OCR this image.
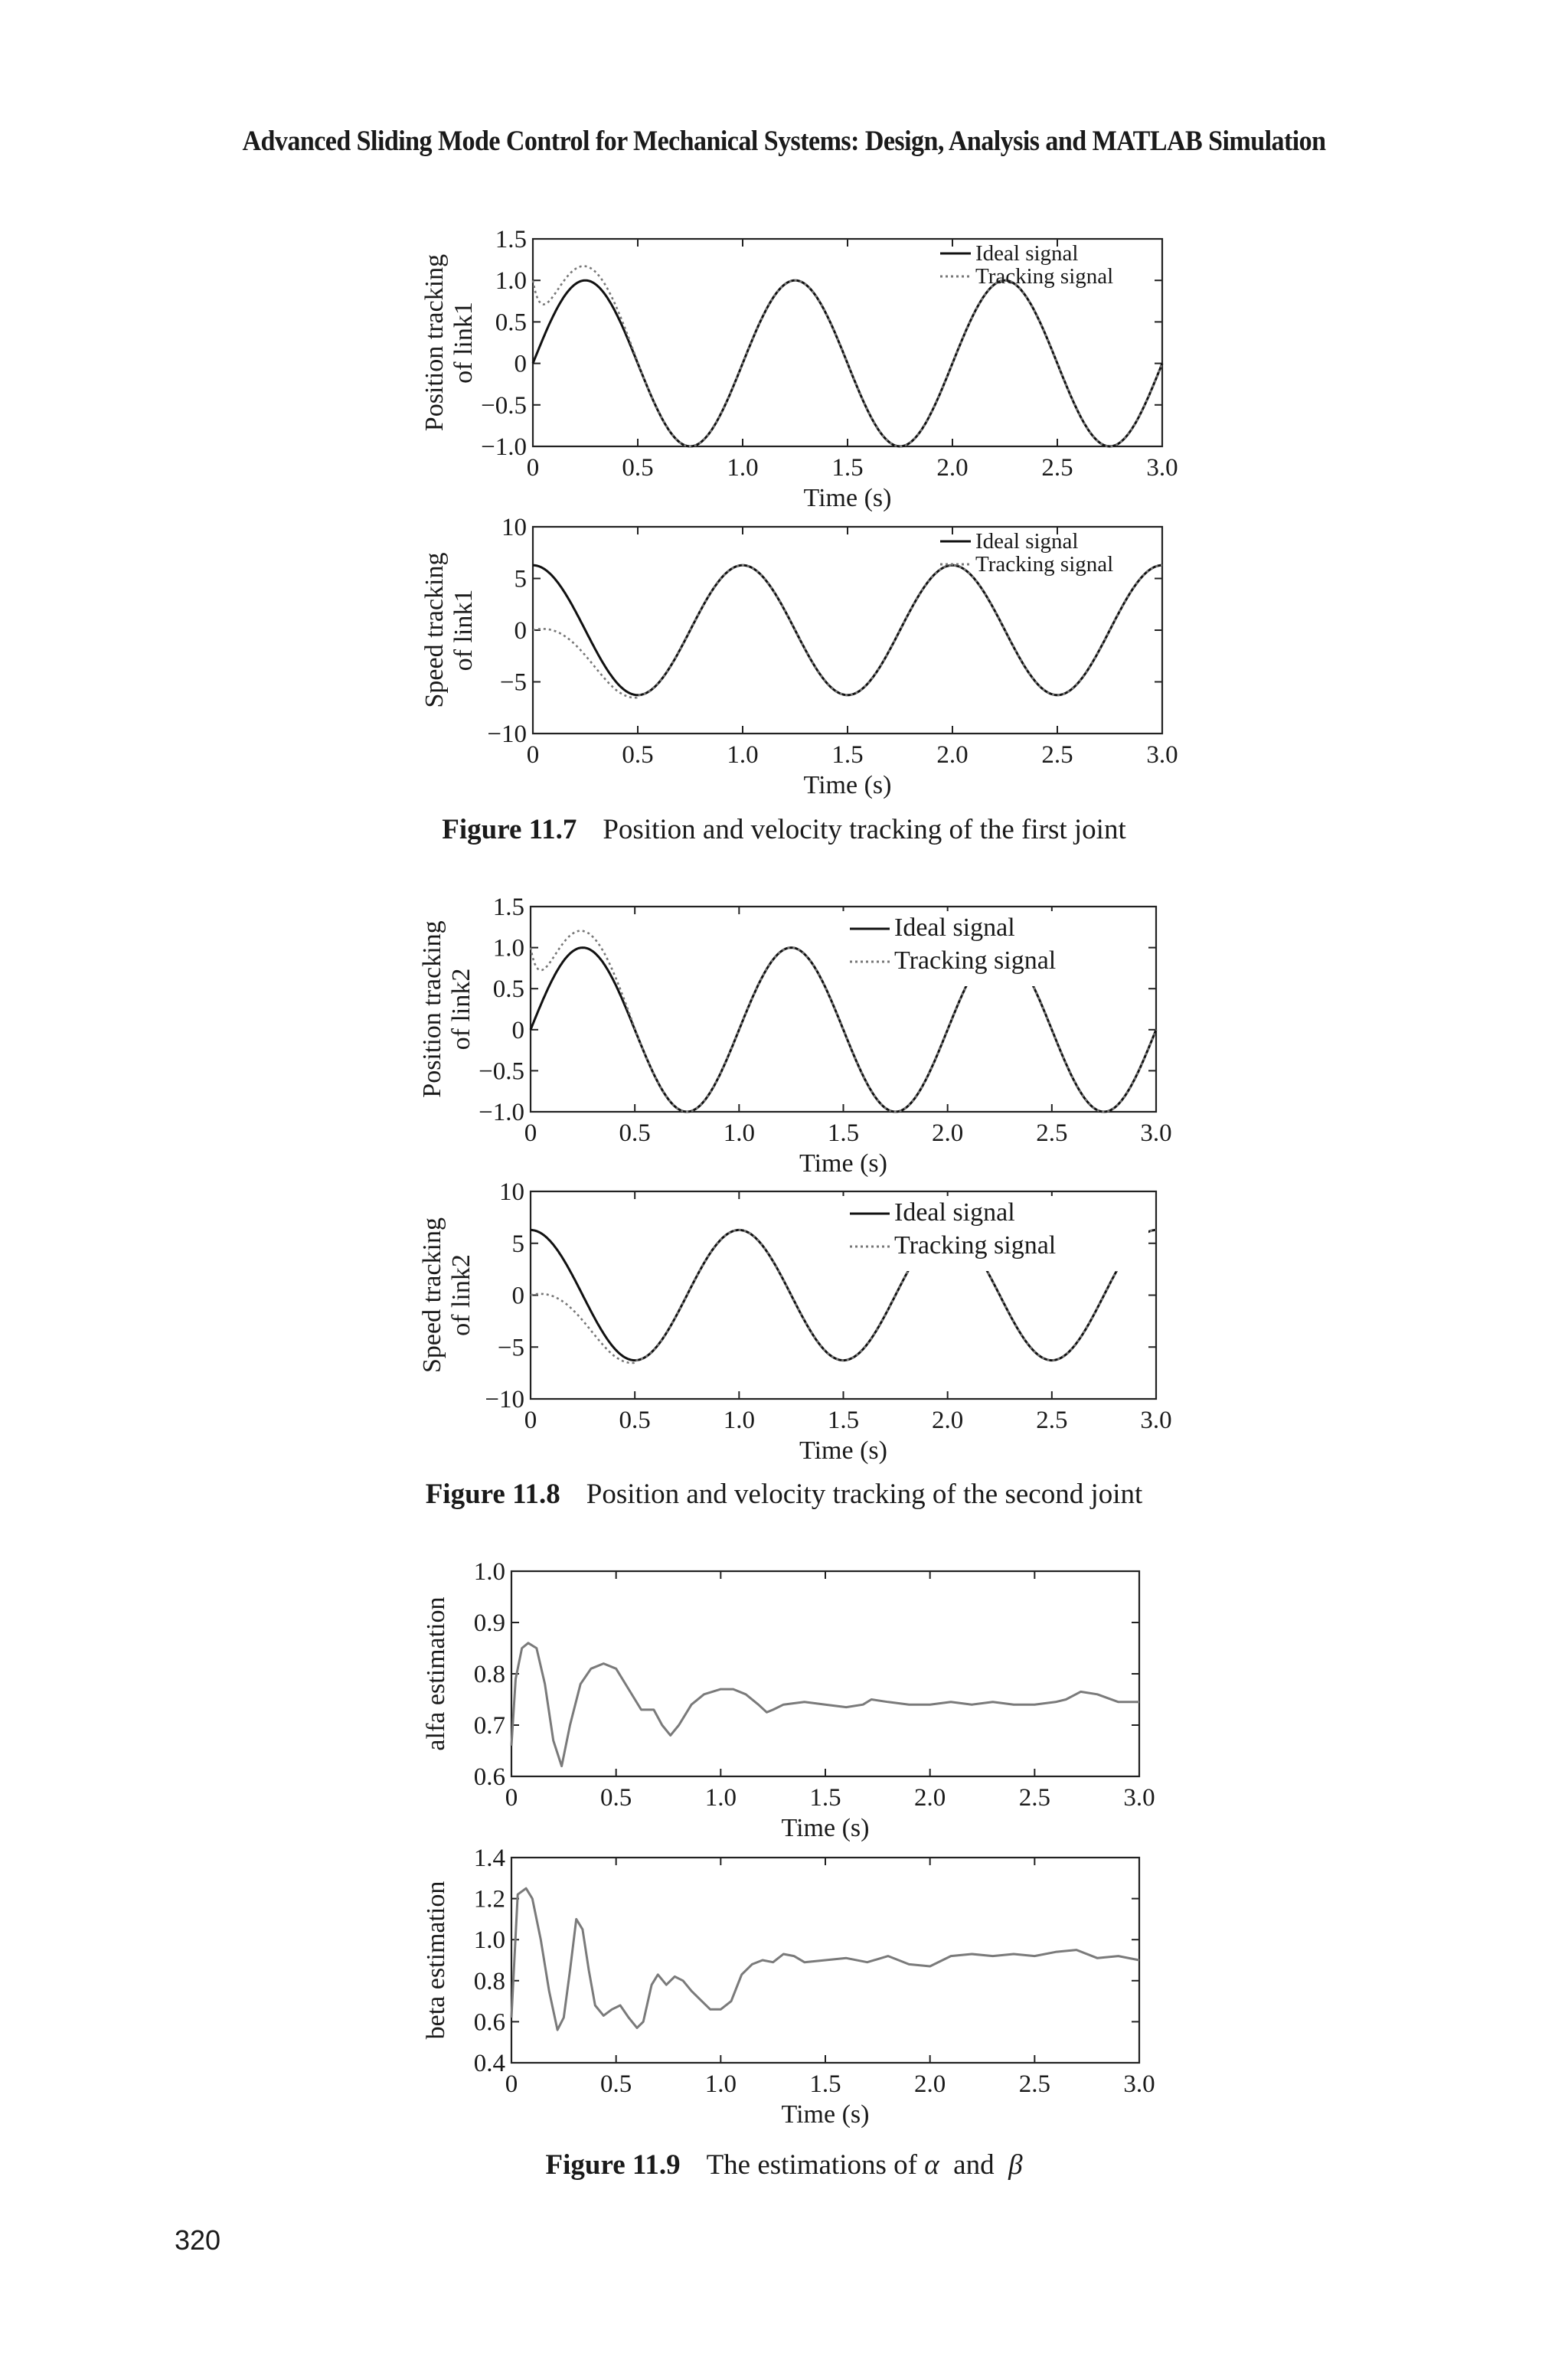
Advanced Sliding Mode Control for Mechanical Systems: Design, Analysis and MATLAB Simulation
0	0.5	1.0	1.5	2.0	2.5	3.0
1.5
1.0
0.5
0
−0.5
−1.0
Time (s)
Position tracking of link1
Ideal signal
Tracking signal
0	0.5	1.0	1.5	2.0	2.5	3.0
10
5
0
−5
−10
Time (s)
Speed tracking of link1
Ideal signal
Tracking signal
0	0.5	1.0	1.5	2.0	2.5	3.0
1.5
1.0
0.5
0
−0.5
−1.0
Time (s)
Position tracking of link2
Ideal signal
Tracking signal
0	0.5	1.0	1.5	2.0	2.5	3.0
10
5
0
−5
−10
Time (s)
Speed tracking of link2
Ideal signal
Tracking signal
0	0.5	1.0	1.5	2.0	2.5	3.0
1.0
0.9
0.8
0.7
0.6
Time (s)
alfa estimation
0	0.5	1.0	1.5	2.0	2.5	3.0
1.4
1.2
1.0
0.8
0.6
0.4
Time (s)
beta estimation
Figure 11.7 Position and velocity tracking of the first joint
Figure 11.8 Position and velocity tracking of the second joint
Figure 11.9 The estimations of α and β
320
